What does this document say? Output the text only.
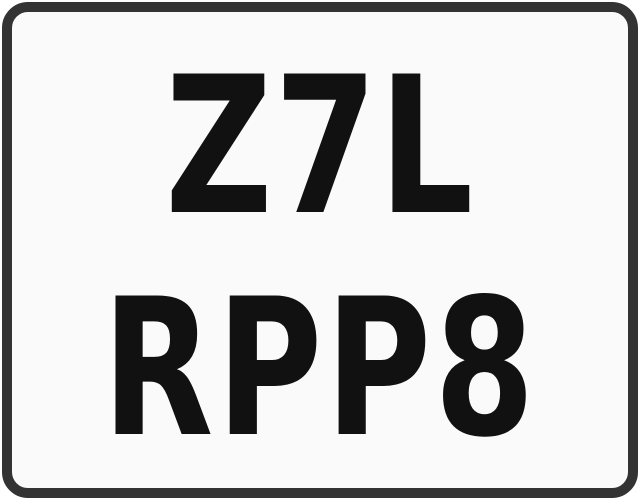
Z7L
RPP8
